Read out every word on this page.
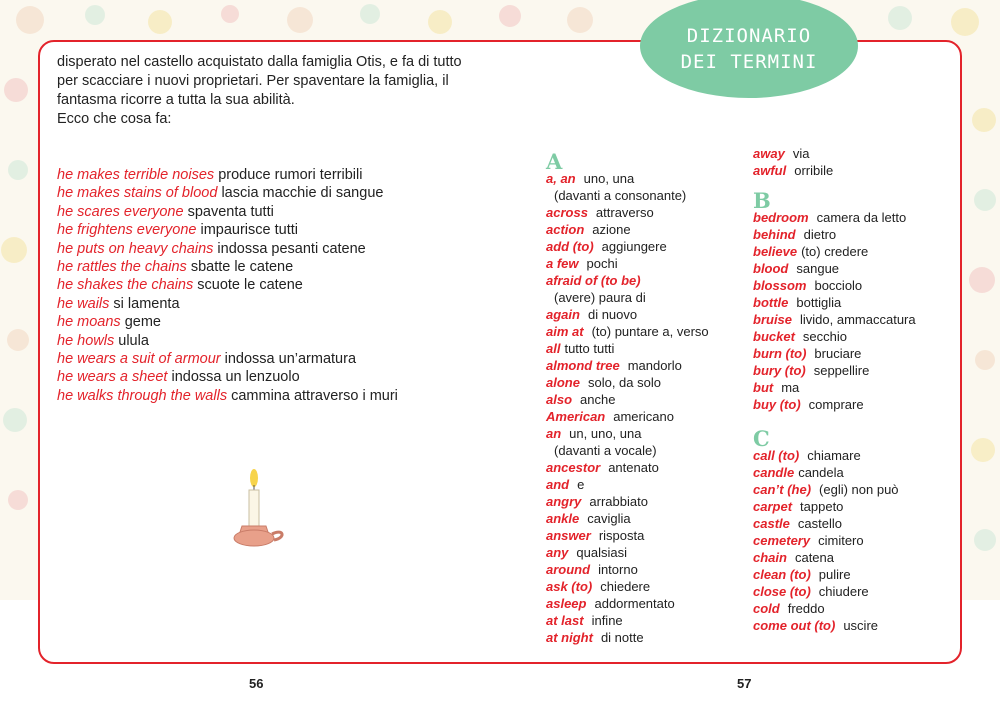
DIZIONARIO
DEI TERMINI

disperato nel castello acquistato dalla famiglia Otis, e fa di tutto

per scacciare i nuovi proprietari. Per spaventare la famiglia, il

fantasma ricorre a tutta la sua abilità.

Ecco che cosa fa:

he makes terrible noises produce rumori terribili
he makes stains of blood lascia macchie di sangue
he scares everyone spaventa tutti
he frightens everyone impaurisce tutti
he puts on heavy chains indossa pesanti catene
he rattles the chains sbatte le catene
he shakes the chains scuote le catene
he wails si lamenta
he moans geme
he howls ulula
he wears a suit of armour indossa un’armatura
he wears a sheet indossa un lenzuolo
he walks through the walls cammina attraverso i muri
A
a, an uno, una
(davanti a consonante)
across attraverso
action azione
add (to) aggiungere
a few pochi
afraid of (to be)
(avere) paura di
again di nuovo
aim at (to) puntare a, verso
all tutto tutti
almond tree mandorlo
alone solo, da solo
also anche
American americano
an un, uno, una
(davanti a vocale)
ancestor antenato
and e
angry arrabbiato
ankle caviglia
answer risposta
any qualsiasi
around intorno
ask (to) chiedere
asleep addormentato
at last infine
at night di notte
away via
awful orribile
B
bedroom camera da letto
behind dietro
believe (to) credere
blood sangue
blossom bocciolo
bottle bottiglia
bruise livido, ammaccatura
bucket secchio
burn (to) bruciare
bury (to) seppellire
but ma
buy (to) comprare
C
call (to) chiamare
candle candela
can’t (he) (egli) non può
carpet tappeto
castle castello
cemetery cimitero
chain catena
clean (to) pulire
close (to) chiudere
cold freddo
come out (to) uscire
56	57
